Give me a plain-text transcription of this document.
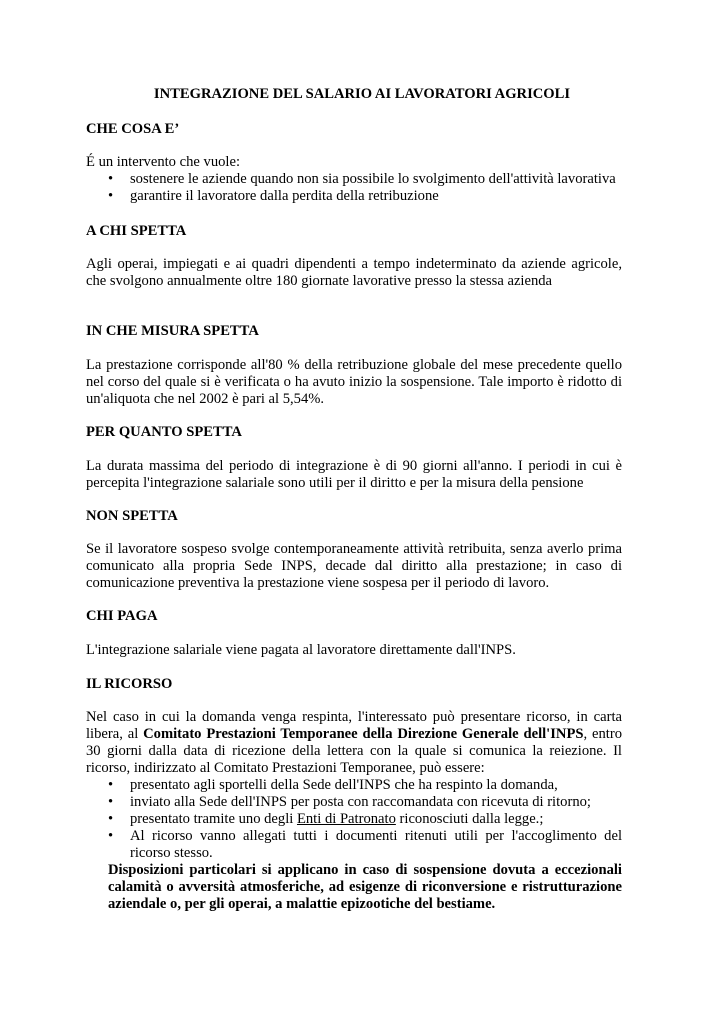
INTEGRAZIONE DEL SALARIO AI LAVORATORI AGRICOLI
CHE COSA E’
É un intervento che vuole:
• sostenere le aziende quando non sia possibile lo svolgimento dell'attività lavorativa
• garantire il lavoratore dalla perdita della retribuzione
A CHI SPETTA
Agli operai, impiegati e ai quadri dipendenti a tempo indeterminato da aziende agricole,
che svolgono annualmente oltre 180 giornate lavorative presso la stessa azienda
IN CHE MISURA SPETTA
La prestazione corrisponde all'80 % della retribuzione globale del mese precedente quello
nel corso del quale si è verificata o ha avuto inizio la sospensione. Tale importo è ridotto di
un'aliquota che nel 2002 è pari al 5,54%.
PER QUANTO SPETTA
La durata massima del periodo di integrazione è di 90 giorni all'anno. I periodi in cui è
percepita l'integrazione salariale sono utili per il diritto e per la misura della pensione
NON SPETTA
Se il lavoratore sospeso svolge contemporaneamente attività retribuita, senza averlo prima
comunicato alla propria Sede INPS, decade dal diritto alla prestazione; in caso di
comunicazione preventiva la prestazione viene sospesa per il periodo di lavoro.
CHI PAGA
L'integrazione salariale viene pagata al lavoratore direttamente dall'INPS.
IL RICORSO
Nel caso in cui la domanda venga respinta, l'interessato può presentare ricorso, in carta
libera, al Comitato Prestazioni Temporanee della Direzione Generale dell'INPS, entro
30 giorni dalla data di ricezione della lettera con la quale si comunica la reiezione. Il
ricorso, indirizzato al Comitato Prestazioni Temporanee, può essere:
• presentato agli sportelli della Sede dell'INPS che ha respinto la domanda,
• inviato alla Sede dell'INPS per posta con raccomandata con ricevuta di ritorno;
• presentato tramite uno degli Enti di Patronato riconosciuti dalla legge.;
• Al ricorso vanno allegati tutti i documenti ritenuti utili per l'accoglimento del
ricorso stesso.
Disposizioni particolari si applicano in caso di sospensione dovuta a eccezionali
calamità o avversità atmosferiche, ad esigenze di riconversione e ristrutturazione
aziendale o, per gli operai, a malattie epizootiche del bestiame.
